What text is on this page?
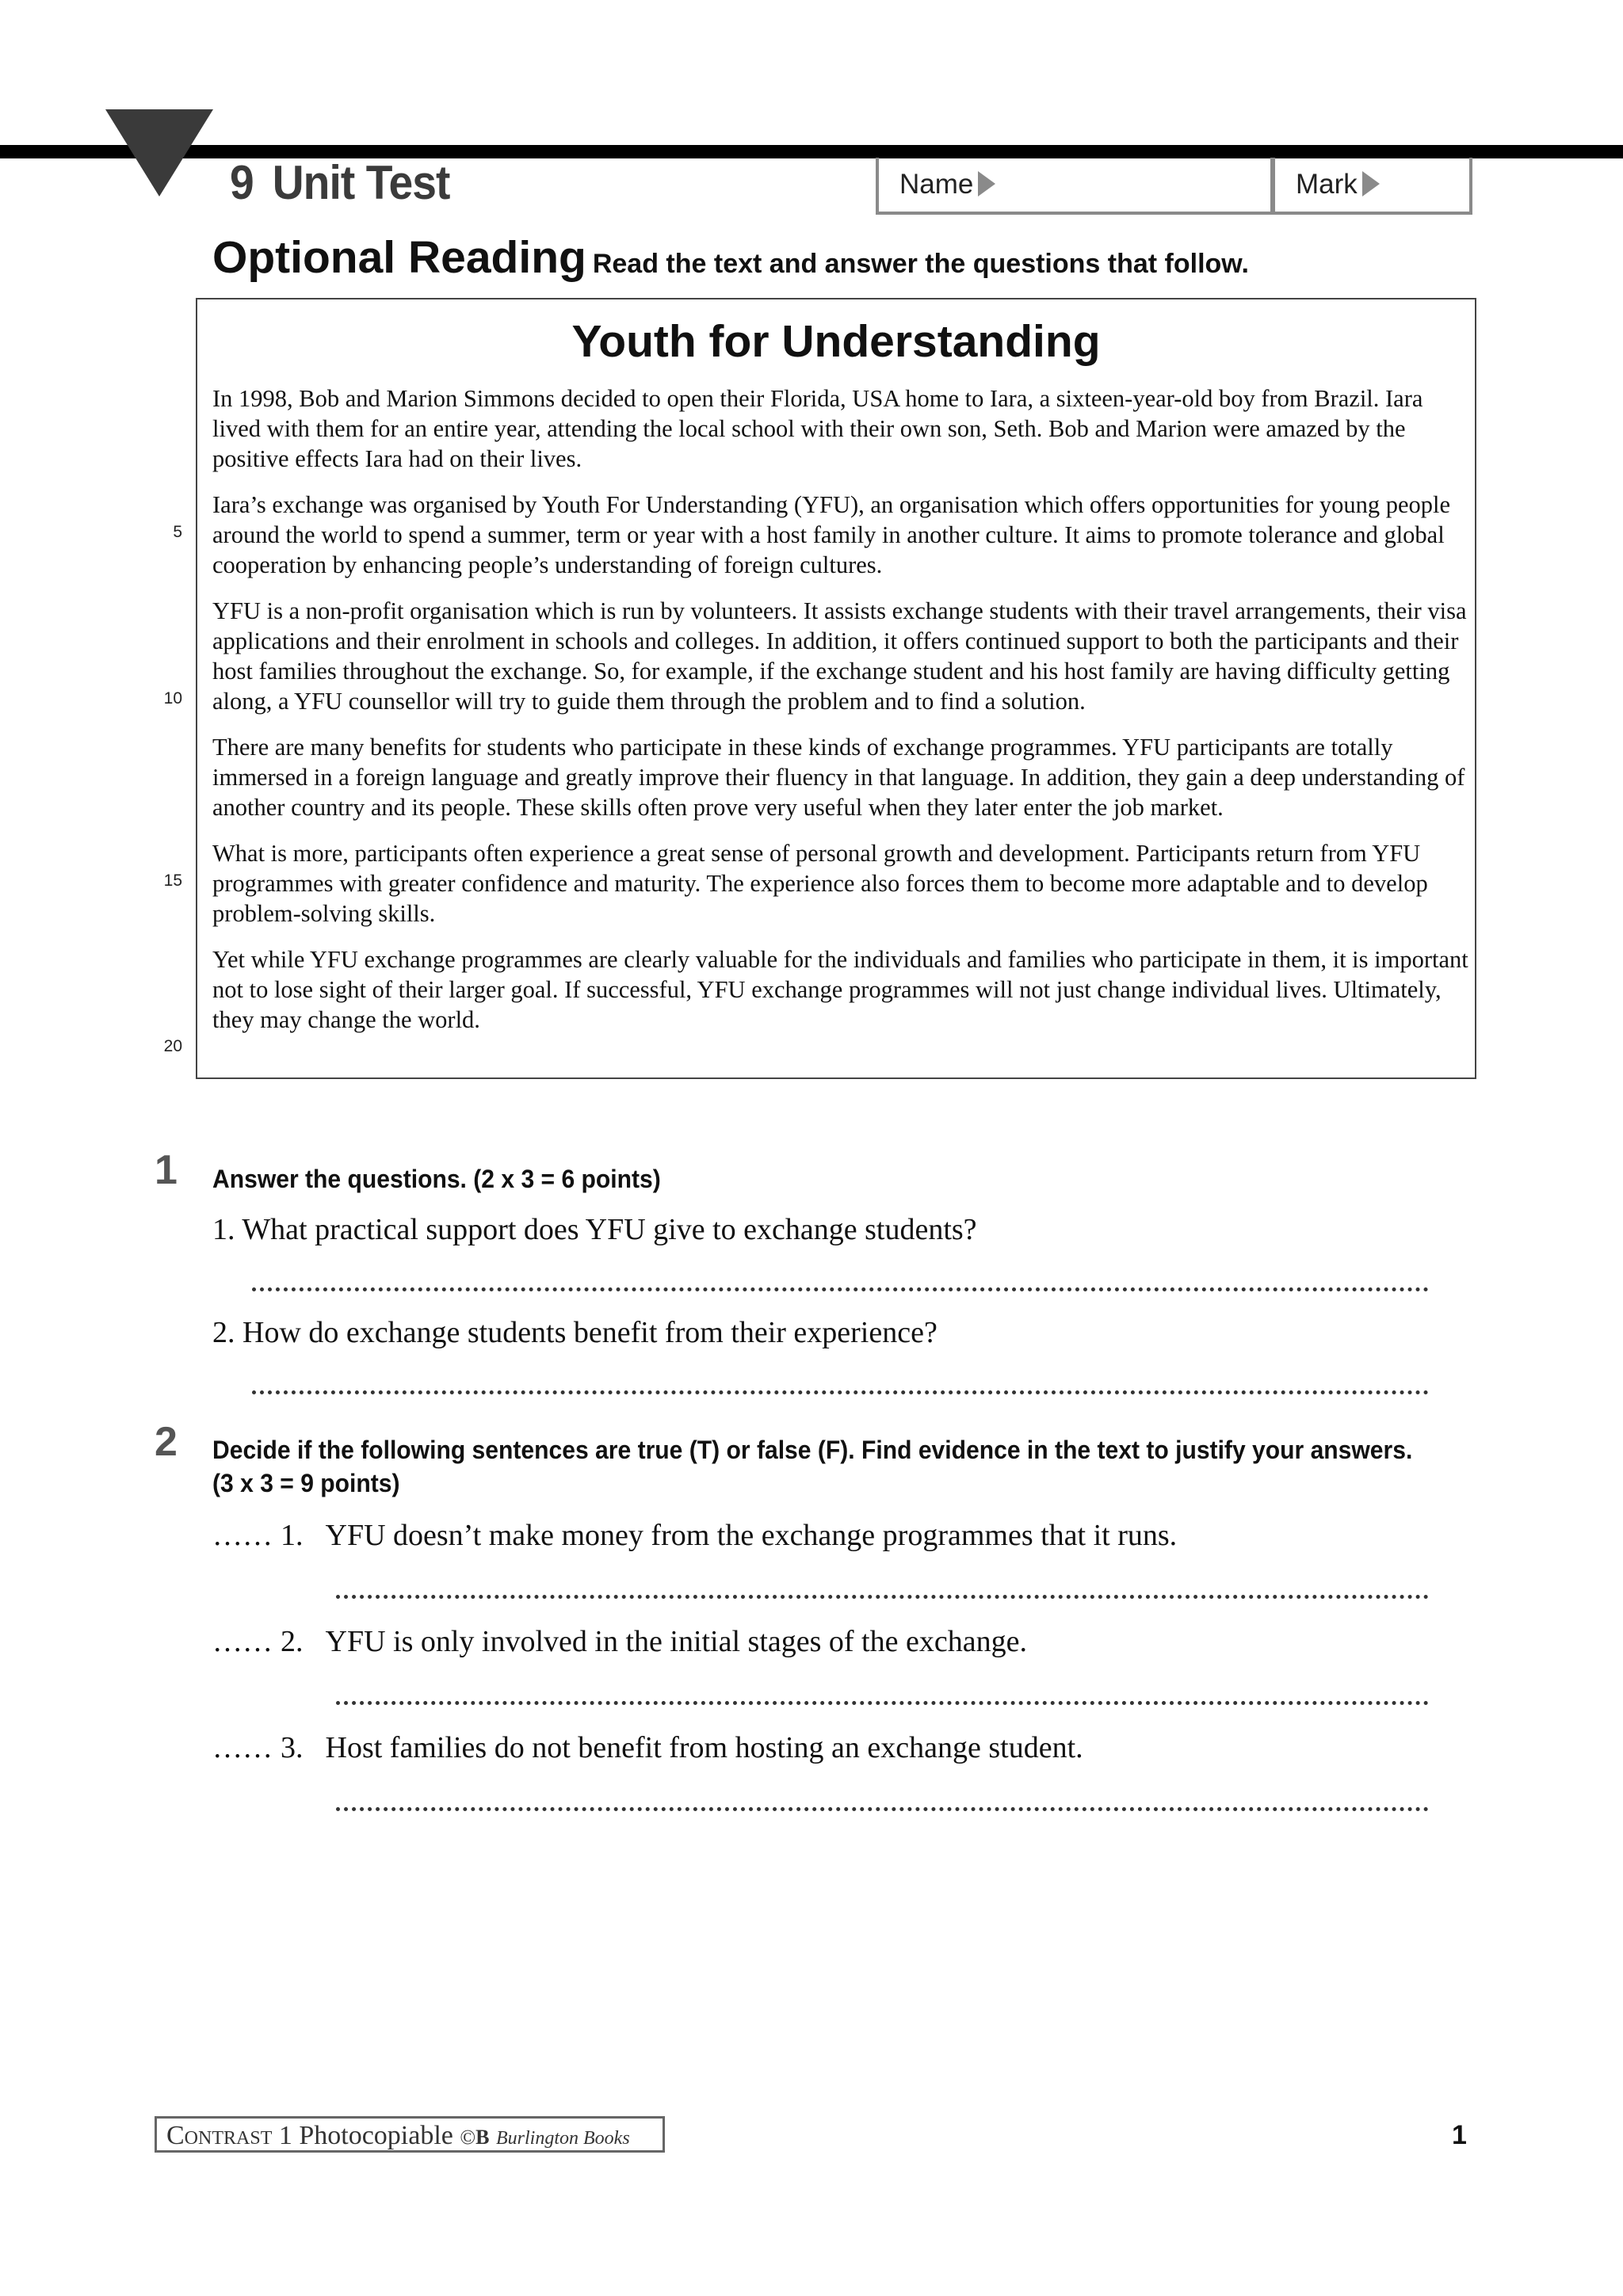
9 Unit Test	Name	Mark
Optional Reading Read the text and answer the questions that follow.
Youth for Understanding

In 1998, Bob and Marion Simmons decided to open their Florida, USA home to Iara, a sixteen-year-old boy from Brazil. Iara lived with them for an entire year, attending the local school with their own son, Seth. Bob and Marion were amazed by the positive effects Iara had on their lives.

Iara’s exchange was organised by Youth For Understanding (YFU), an organisation which offers opportunities for young people around the world to spend a summer, term or year with a host family in another culture. It aims to promote tolerance and global cooperation by enhancing people’s understanding of foreign cultures.

YFU is a non-profit organisation which is run by volunteers. It assists exchange students with their travel arrangements, their visa applications and their enrolment in schools and colleges. In addition, it offers continued support to both the participants and their host families throughout the exchange. So, for example, if the exchange student and his host family are having difficulty getting along, a YFU counsellor will try to guide them through the problem and to find a solution.

There are many benefits for students who participate in these kinds of exchange programmes. YFU participants are totally immersed in a foreign language and greatly improve their fluency in that language. In addition, they gain a deep understanding of another country and its people. These skills often prove very useful when they later enter the job market.

What is more, participants often experience a great sense of personal growth and development. Participants return from YFU programmes with greater confidence and maturity. The experience also forces them to become more adaptable and to develop problem-solving skills.

Yet while YFU exchange programmes are clearly valuable for the individuals and families who participate in them, it is important not to lose sight of their larger goal. If successful, YFU exchange programmes will not just change individual lives. Ultimately, they may change the world.

5
10
15
20
1 Answer the questions. (2 x 3 = 6 points)
1. What practical support does YFU give to exchange students?
2. How do exchange students benefit from their experience?
2 Decide if the following sentences are true (T) or false (F). Find evidence in the text to justify your answers.
(3 x 3 = 9 points)
…… 1. YFU doesn’t make money from the exchange programmes that it runs.
…… 2. YFU is only involved in the initial stages of the exchange.
…… 3. Host families do not benefit from hosting an exchange student.
Contrast 1 Photocopiable ©B Burlington Books	1
